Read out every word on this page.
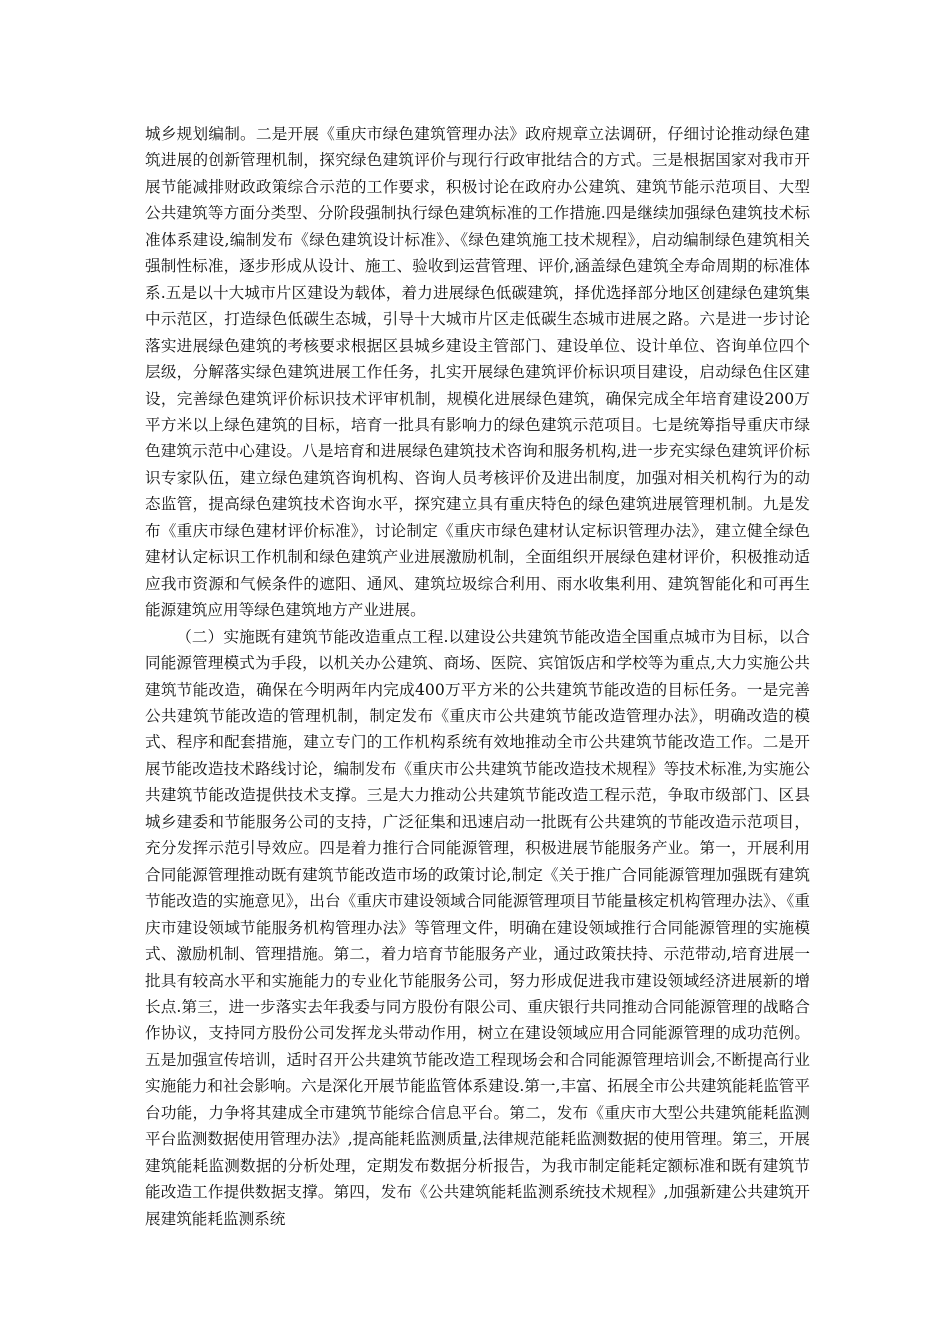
城乡规划编制。二是开展《重庆市绿色建筑管理办法》政府规章立法调研，仔细讨论推动绿色建筑进展的创新管理机制，探究绿色建筑评价与现行行政审批结合的方式。三是根据国家对我市开展节能减排财政政策综合示范的工作要求，积极讨论在政府办公建筑、建筑节能示范项目、大型公共建筑等方面分类型、分阶段强制执行绿色建筑标准的工作措施.四是继续加强绿色建筑技术标准体系建设,编制发布《绿色建筑设计标准》、《绿色建筑施工技术规程》，启动编制绿色建筑相关强制性标准，逐步形成从设计、施工、验收到运营管理、评价,涵盖绿色建筑全寿命周期的标准体系.五是以十大城市片区建设为载体，着力进展绿色低碳建筑，择优选择部分地区创建绿色建筑集中示范区，打造绿色低碳生态城，引导十大城市片区走低碳生态城市进展之路。六是进一步讨论落实进展绿色建筑的考核要求根据区县城乡建设主管部门、建设单位、设计单位、咨询单位四个层级，分解落实绿色建筑进展工作任务，扎实开展绿色建筑评价标识项目建设，启动绿色住区建设，完善绿色建筑评价标识技术评审机制，规模化进展绿色建筑，确保完成全年培育建设200万平方米以上绿色建筑的目标，培育一批具有影响力的绿色建筑示范项目。七是统筹指导重庆市绿色建筑示范中心建设。八是培育和进展绿色建筑技术咨询和服务机构,进一步充实绿色建筑评价标识专家队伍，建立绿色建筑咨询机构、咨询人员考核评价及进出制度，加强对相关机构行为的动态监管，提高绿色建筑技术咨询水平，探究建立具有重庆特色的绿色建筑进展管理机制。九是发布《重庆市绿色建材评价标准》，讨论制定《重庆市绿色建材认定标识管理办法》，建立健全绿色建材认定标识工作机制和绿色建筑产业进展激励机制，全面组织开展绿色建材评价，积极推动适应我市资源和气候条件的遮阳、通风、建筑垃圾综合利用、雨水收集利用、建筑智能化和可再生能源建筑应用等绿色建筑地方产业进展。

（二）实施既有建筑节能改造重点工程.以建设公共建筑节能改造全国重点城市为目标，以合同能源管理模式为手段，以机关办公建筑、商场、医院、宾馆饭店和学校等为重点,大力实施公共建筑节能改造，确保在今明两年内完成400万平方米的公共建筑节能改造的目标任务。一是完善公共建筑节能改造的管理机制，制定发布《重庆市公共建筑节能改造管理办法》，明确改造的模式、程序和配套措施，建立专门的工作机构系统有效地推动全市公共建筑节能改造工作。二是开展节能改造技术路线讨论，编制发布《重庆市公共建筑节能改造技术规程》等技术标准,为实施公共建筑节能改造提供技术支撑。三是大力推动公共建筑节能改造工程示范，争取市级部门、区县城乡建委和节能服务公司的支持，广泛征集和迅速启动一批既有公共建筑的节能改造示范项目，充分发挥示范引导效应。四是着力推行合同能源管理，积极进展节能服务产业。第一，开展利用合同能源管理推动既有建筑节能改造市场的政策讨论,制定《关于推广合同能源管理加强既有建筑节能改造的实施意见》，出台《重庆市建设领域合同能源管理项目节能量核定机构管理办法》、《重庆市建设领域节能服务机构管理办法》等管理文件，明确在建设领域推行合同能源管理的实施模式、激励机制、管理措施。第二，着力培育节能服务产业，通过政策扶持、示范带动,培育进展一批具有较高水平和实施能力的专业化节能服务公司，努力形成促进我市建设领域经济进展新的增长点.第三，进一步落实去年我委与同方股份有限公司、重庆银行共同推动合同能源管理的战略合作协议，支持同方股份公司发挥龙头带动作用，树立在建设领域应用合同能源管理的成功范例。五是加强宣传培训，适时召开公共建筑节能改造工程现场会和合同能源管理培训会,不断提高行业实施能力和社会影响。六是深化开展节能监管体系建设.第一,丰富、拓展全市公共建筑能耗监管平台功能，力争将其建成全市建筑节能综合信息平台。第二，发布《重庆市大型公共建筑能耗监测平台监测数据使用管理办法》,提高能耗监测质量,法律规范能耗监测数据的使用管理。第三，开展建筑能耗监测数据的分析处理，定期发布数据分析报告，为我市制定能耗定额标准和既有建筑节能改造工作提供数据支撑。第四，发布《公共建筑能耗监测系统技术规程》,加强新建公共建筑开展建筑能耗监测系统
